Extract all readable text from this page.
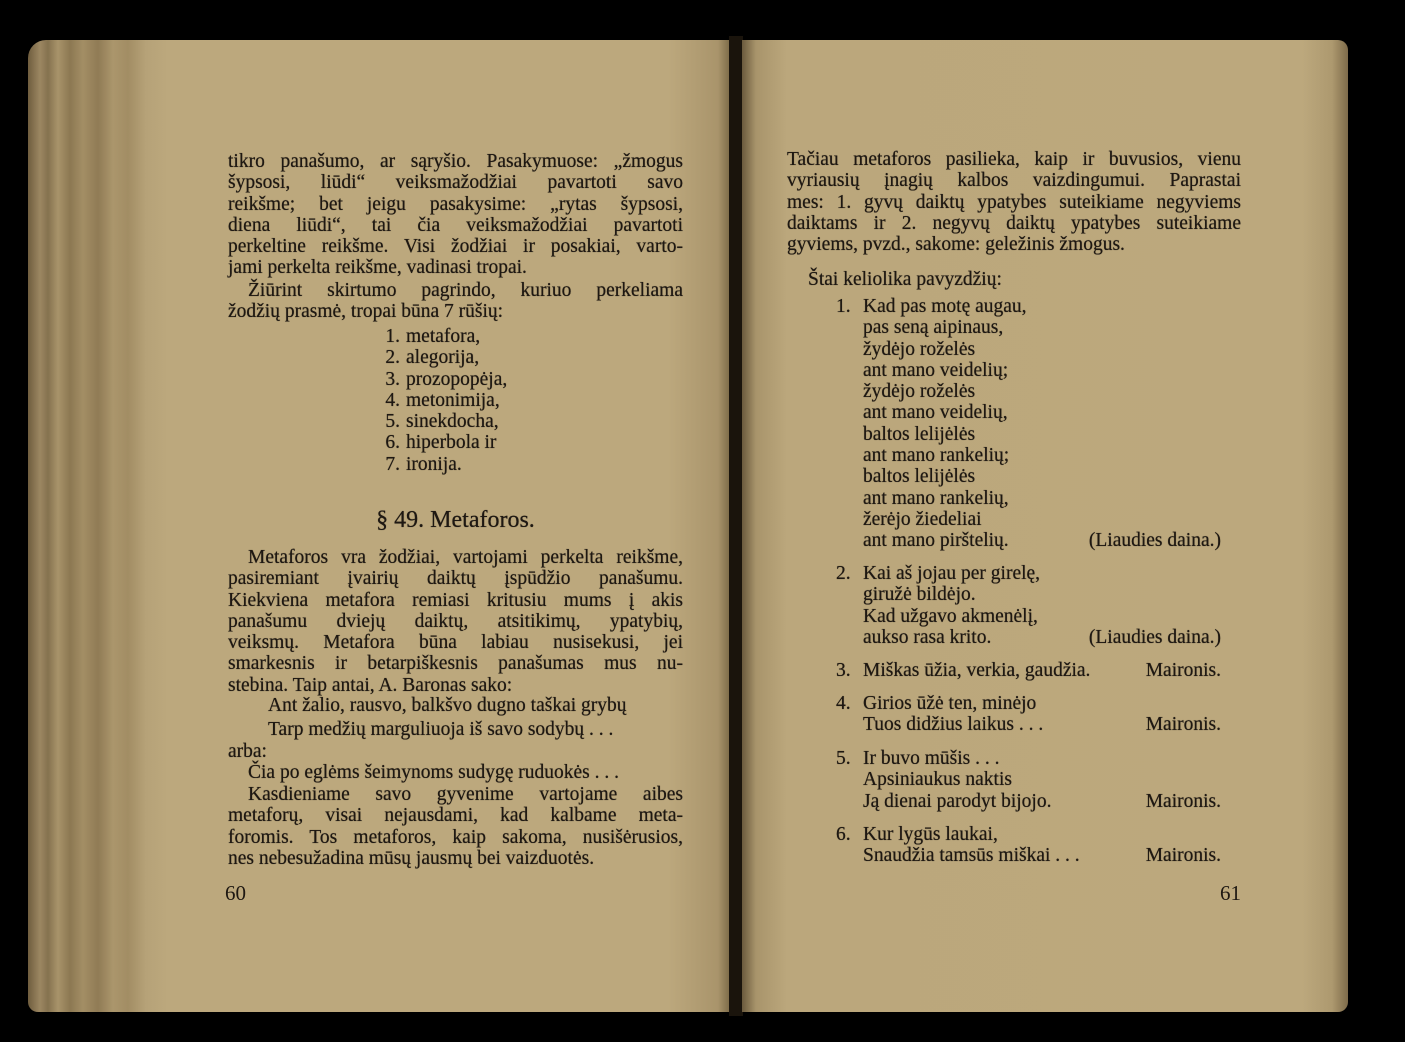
tikro panašumo, ar sąryšio. Pasakymuose: „žmogus
šypsosi, liūdi“ veiksmažodžiai pavartoti savo
reikšme; bet jeigu pasakysime: „rytas šypsosi,
diena liūdi“, tai čia veiksmažodžiai pavartoti
perkeltine reikšme. Visi žodžiai ir posakiai, varto-
jami perkelta reikšme, vadinasi tropai.
Žiūrint skirtumo pagrindo, kuriuo perkeliama
žodžių prasmė, tropai būna 7 rūšių:
1. metafora,
2. alegorija,
3. prozopopėja,
4. metonimija,
5. sinekdocha,
6. hiperbola ir
7. ironija.
§ 49. Metaforos.
Metaforos vra žodžiai, vartojami perkelta reikšme,
pasiremiant įvairių daiktų įspūdžio panašumu.
Kiekviena metafora remiasi kritusiu mums į akis
panašumu dviejų daiktų, atsitikimų, ypatybių,
veiksmų. Metafora būna labiau nusisekusi, jei
smarkesnis ir betarpiškesnis panašumas mus nu-
stebina. Taip antai, A. Baronas sako:
Ant žalio, rausvo, balkšvo dugno taškai grybų
Tarp medžių marguliuoja iš savo sodybų . . .
arba:
Čia po eglėms šeimynoms sudygę ruduokės . . .
Kasdieniame savo gyvenime vartojame aibes
metaforų, visai nejausdami, kad kalbame meta-
foromis. Tos metaforos, kaip sakoma, nusišėrusios,
nes nebesužadina mūsų jausmų bei vaizduotės.
60
Tačiau metaforos pasilieka, kaip ir buvusios, vienu
vyriausių įnagių kalbos vaizdingumui. Paprastai
mes: 1. gyvų daiktų ypatybes suteikiame negyviems
daiktams ir 2. negyvų daiktų ypatybes suteikiame
gyviems, pvzd., sakome: geležinis žmogus.
Štai keliolika pavyzdžių:
1. Kad pas motę augau,
pas seną aipinaus,
žydėjo roželės
ant mano veidelių;
žydėjo roželės
ant mano veidelių,
baltos lelijėlės
ant mano rankelių;
baltos lelijėlės
ant mano rankelių,
žerėjo žiedeliai
ant mano pirštelių.	(Liaudies daina.)
2. Kai aš jojau per girelę,
giružė bildėjo.
Kad užgavo akmenėlį,
aukso rasa krito.	(Liaudies daina.)
3. Miškas ūžia, verkia, gaudžia.	Maironis.
4. Girios ūžė ten, minėjo
Tuos didžius laikus . . .	Maironis.
5. Ir buvo mūšis . . .
Apsiniaukus naktis
Ją dienai parodyt bijojo.	Maironis.
6. Kur lygūs laukai,
Snaudžia tamsūs miškai . . .	Maironis.
61
